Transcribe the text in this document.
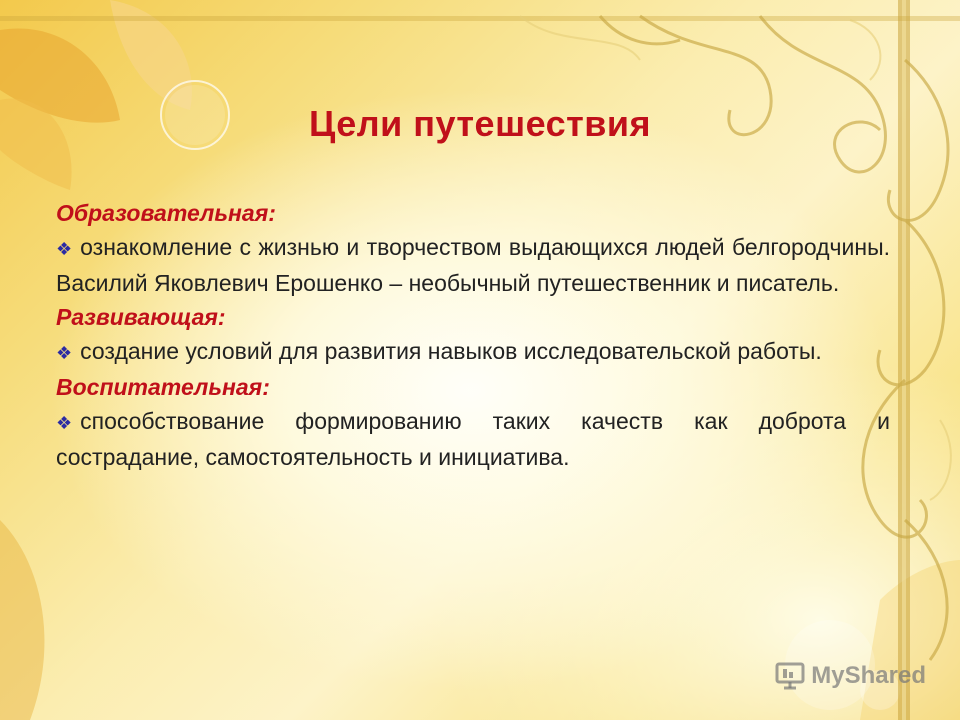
Цели путешествия
Образовательная:
❖ ознакомление с жизнью и творчеством выдающихся людей белгородчины. Василий Яковлевич Ерошенко – необычный путешественник и писатель.
Развивающая:
❖ создание условий для развития навыков исследовательской работы.
Воспитательная:
❖ способствование формированию таких качеств как доброта и сострадание, самостоятельность и инициатива.
MyShared
